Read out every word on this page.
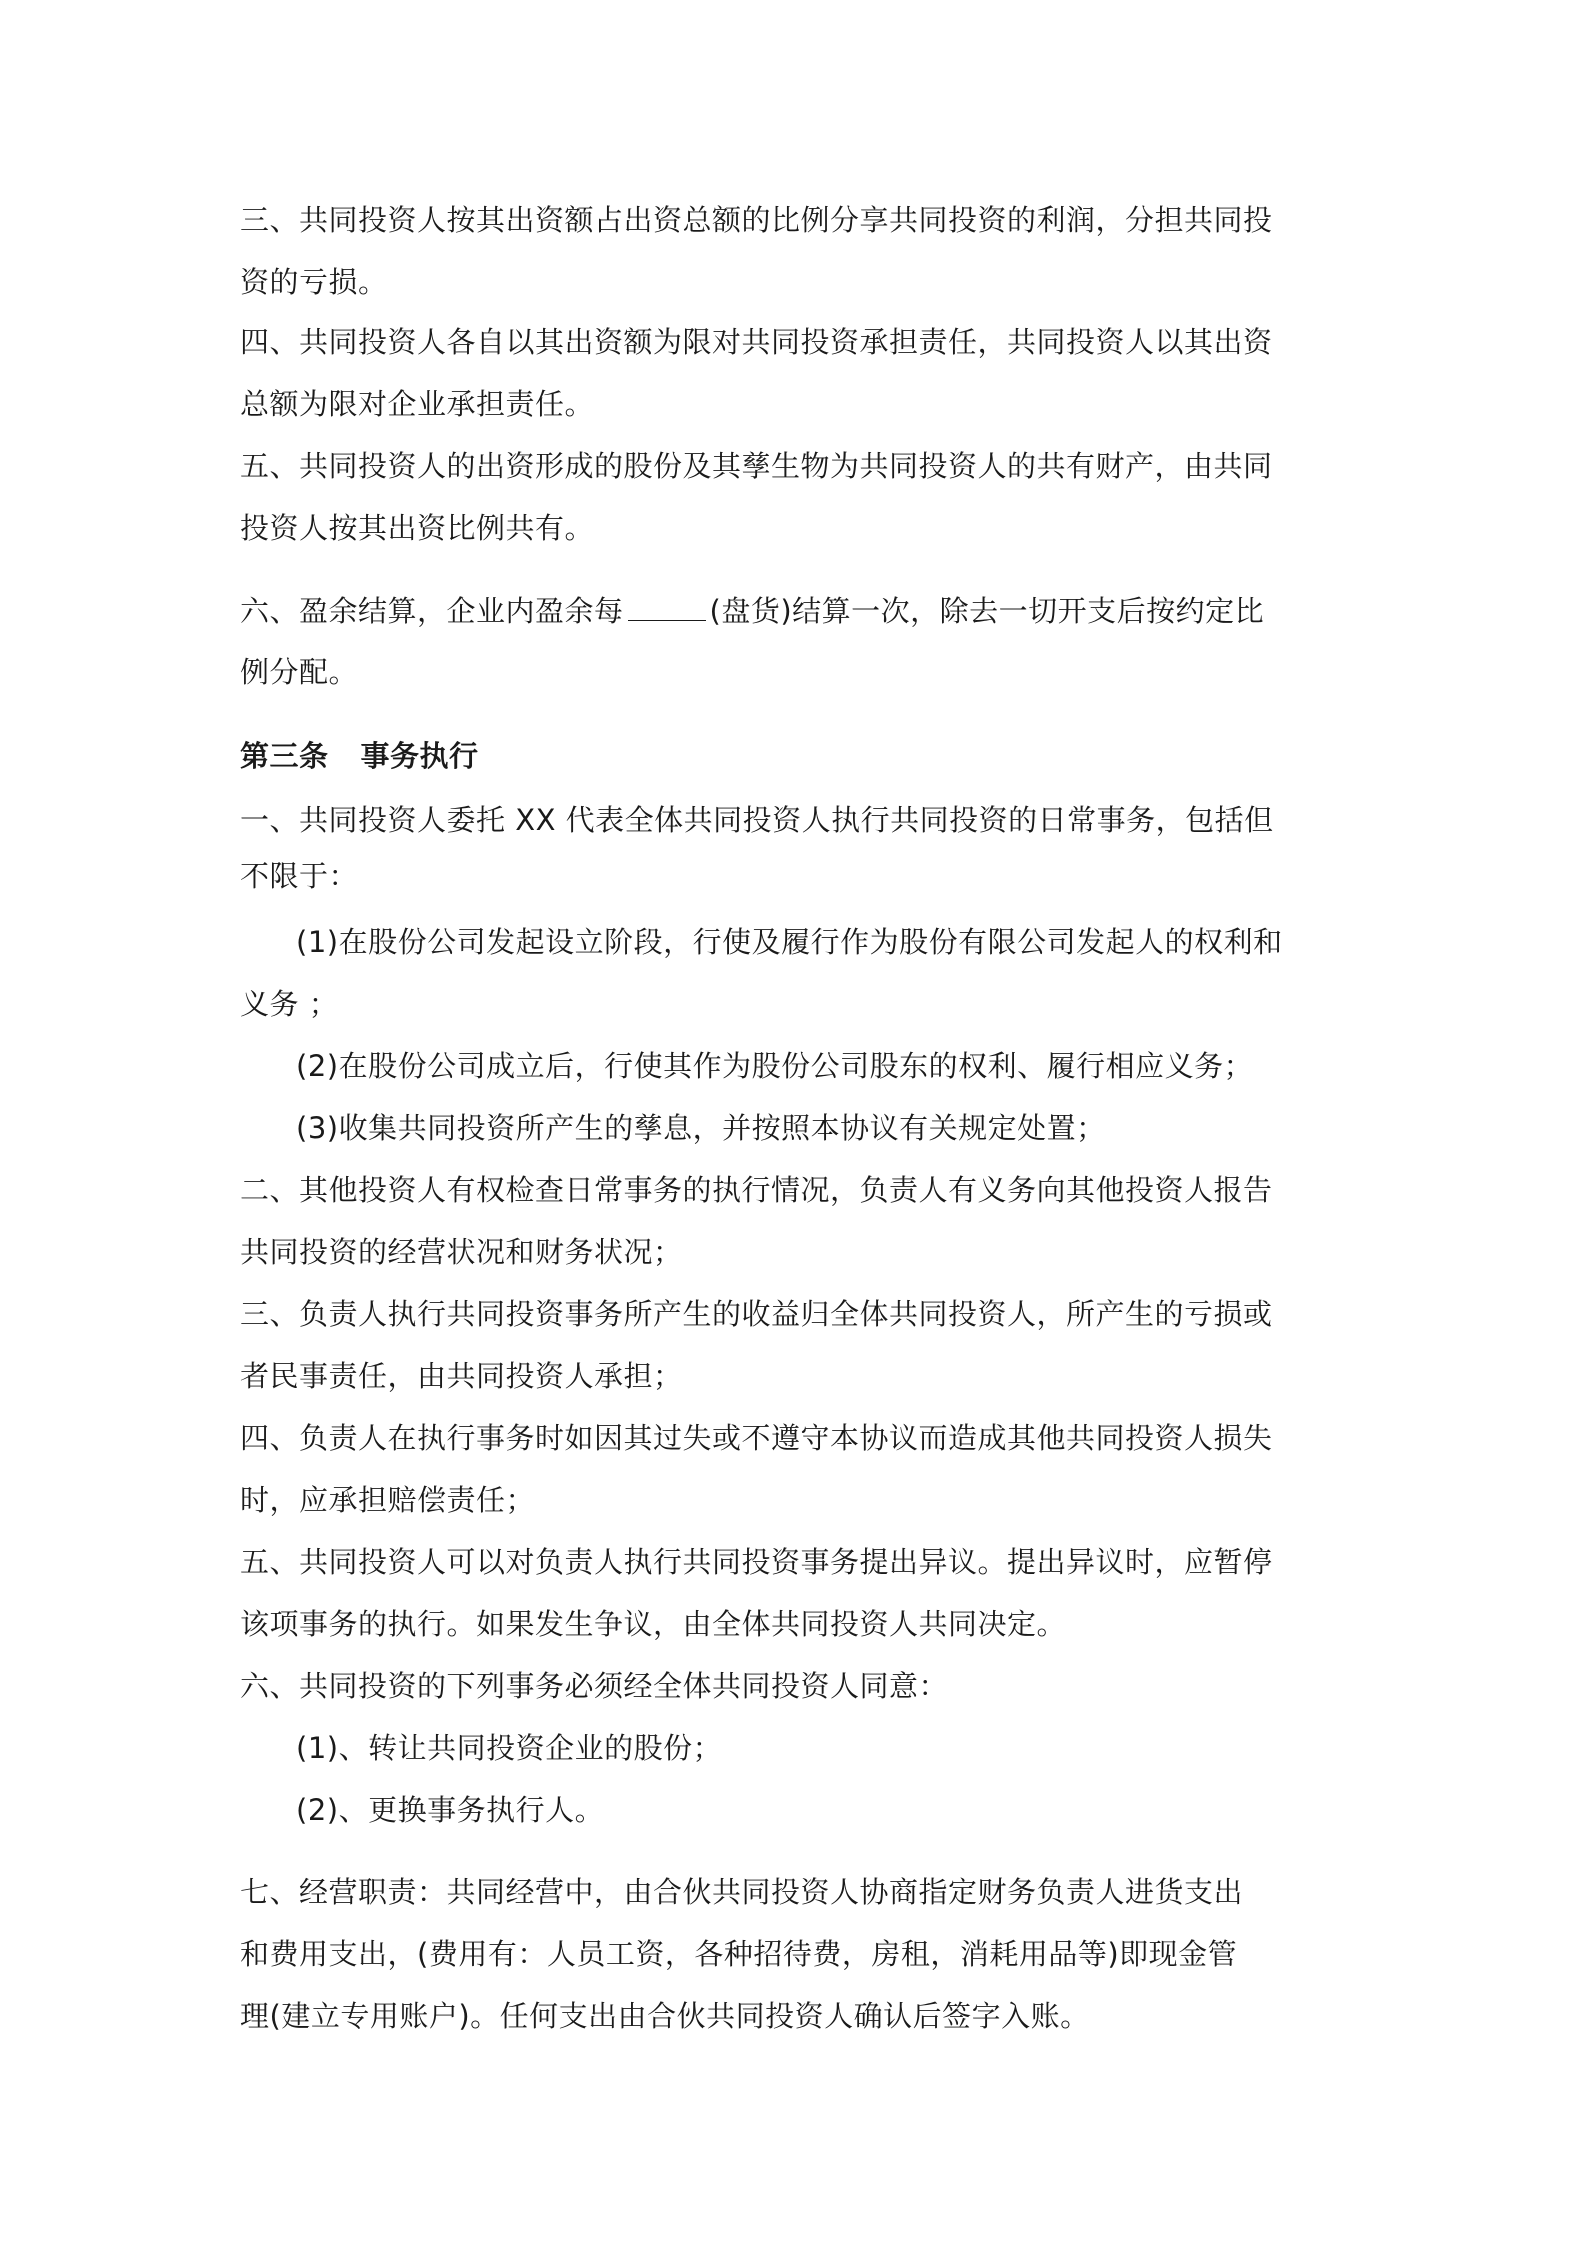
三、共同投资人按其出资额占出资总额的比例分享共同投资的利润，分担共同投
资的亏损。
四、共同投资人各自以其出资额为限对共同投资承担责任，共同投资人以其出资
总额为限对企业承担责任。
五、共同投资人的出资形成的股份及其孳生物为共同投资人的共有财产，由共同
投资人按其出资比例共有。
六、盈余结算，企业内盈余每	(盘货)结算一次，除去一切开支后按约定比
例分配。
第三条 事务执行
一、共同投资人委托 XX 代表全体共同投资人执行共同投资的日常事务，包括但
不限于：
(1)在股份公司发起设立阶段，行使及履行作为股份有限公司发起人的权利和
义务 ；
(2)在股份公司成立后，行使其作为股份公司股东的权利、履行相应义务；
(3)收集共同投资所产生的孳息，并按照本协议有关规定处置；
二、其他投资人有权检查日常事务的执行情况，负责人有义务向其他投资人报告
共同投资的经营状况和财务状况；
三、负责人执行共同投资事务所产生的收益归全体共同投资人，所产生的亏损或
者民事责任，由共同投资人承担；
四、负责人在执行事务时如因其过失或不遵守本协议而造成其他共同投资人损失
时，应承担赔偿责任；
五、共同投资人可以对负责人执行共同投资事务提出异议。提出异议时，应暂停
该项事务的执行。如果发生争议，由全体共同投资人共同决定。
六、共同投资的下列事务必须经全体共同投资人同意：
(1)、转让共同投资企业的股份；
(2)、更换事务执行人。
七、经营职责：共同经营中，由合伙共同投资人协商指定财务负责人进货支出
和费用支出，(费用有：人员工资，各种招待费，房租，消耗用品等)即现金管
理(建立专用账户)。任何支出由合伙共同投资人确认后签字入账。
